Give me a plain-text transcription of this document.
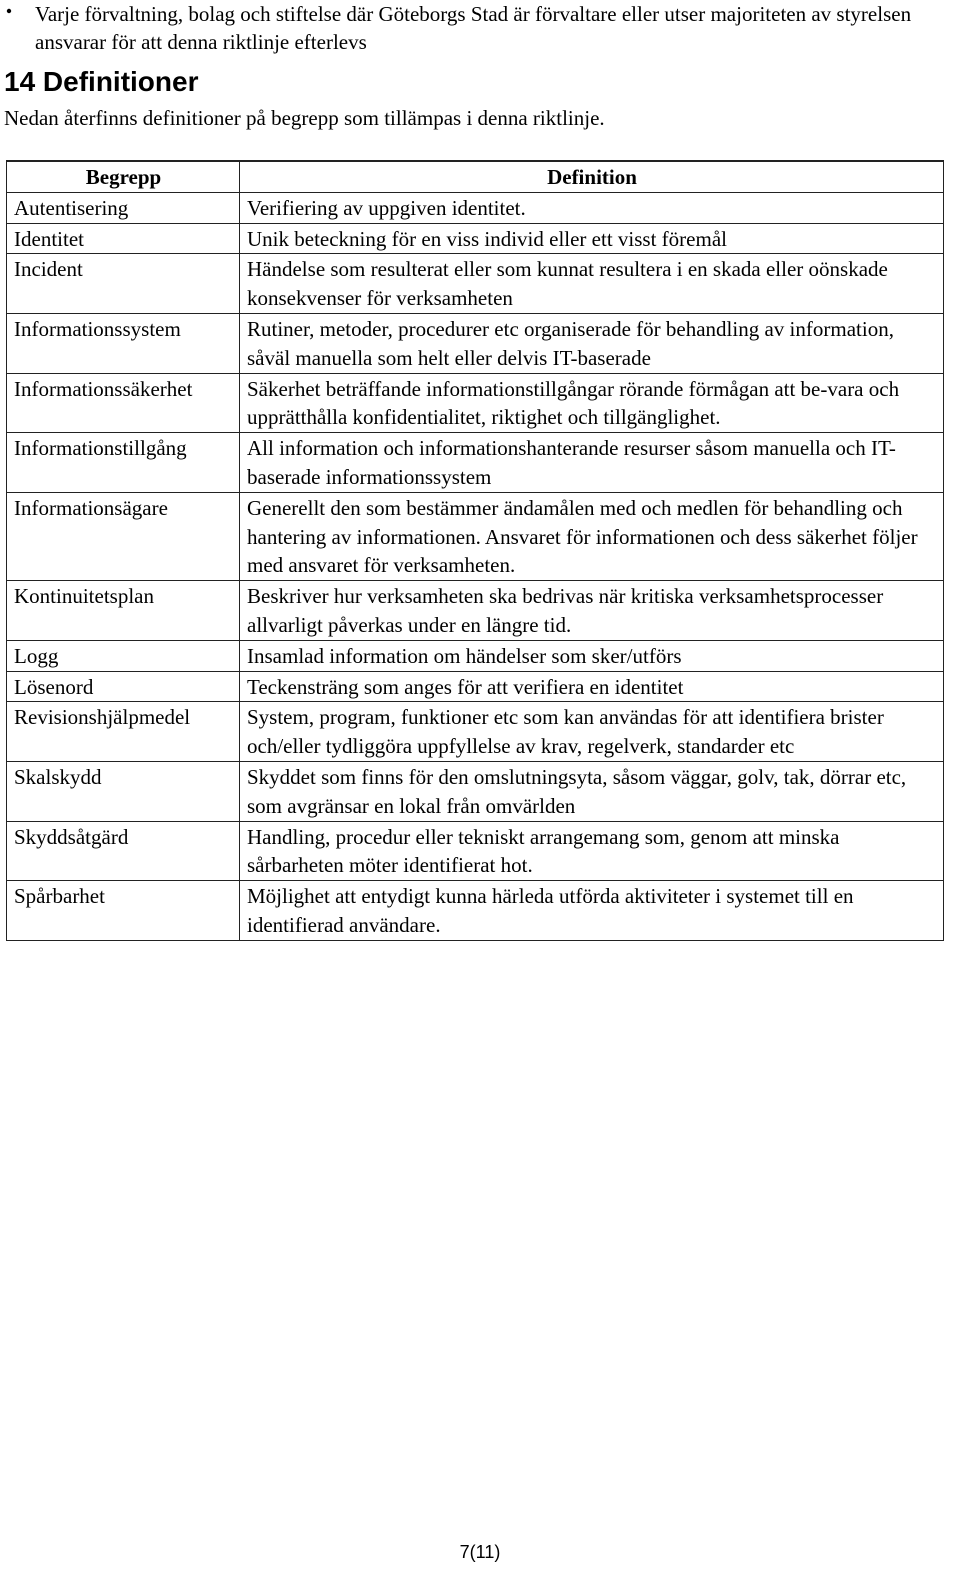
Varje förvaltning, bolag och stiftelse där Göteborgs Stad är förvaltare eller utser majoriteten av styrelsen ansvarar för att denna riktlinje efterlevs
14 Definitioner
Nedan återfinns definitioner på begrepp som tillämpas i denna riktlinje.
Begrepp	Definition
Autentisering	Verifiering av uppgiven identitet.
Identitet	Unik beteckning för en viss individ eller ett visst föremål
Incident	Händelse som resulterat eller som kunnat resultera i en skada eller oönskade konsekvenser för verksamheten
Informationssystem	Rutiner, metoder, procedurer etc organiserade för behandling av information, såväl manuella som helt eller delvis IT-baserade
Informationssäkerhet	Säkerhet beträffande informationstillgångar rörande förmågan att be-vara och upprätthålla konfidentialitet, riktighet och tillgänglighet.
Informationstillgång	All information och informationshanterande resurser såsom manuella och IT-baserade informationssystem
Informationsägare	Generellt den som bestämmer ändamålen med och medlen för behandling och hantering av informationen. Ansvaret för informationen och dess säkerhet följer med ansvaret för verksamheten.
Kontinuitetsplan	Beskriver hur verksamheten ska bedrivas när kritiska verksamhetsprocesser allvarligt påverkas under en längre tid.
Logg	Insamlad information om händelser som sker/utförs
Lösenord	Teckensträng som anges för att verifiera en identitet
Revisionshjälpmedel	System, program, funktioner etc som kan användas för att identifiera brister och/eller tydliggöra uppfyllelse av krav, regelverk, standarder etc
Skalskydd	Skyddet som finns för den omslutningsyta, såsom väggar, golv, tak, dörrar etc, som avgränsar en lokal från omvärlden
Skyddsåtgärd	Handling, procedur eller tekniskt arrangemang som, genom att minska sårbarheten möter identifierat hot.
Spårbarhet	Möjlighet att entydigt kunna härleda utförda aktiviteter i systemet till en identifierad användare.
7(11)
